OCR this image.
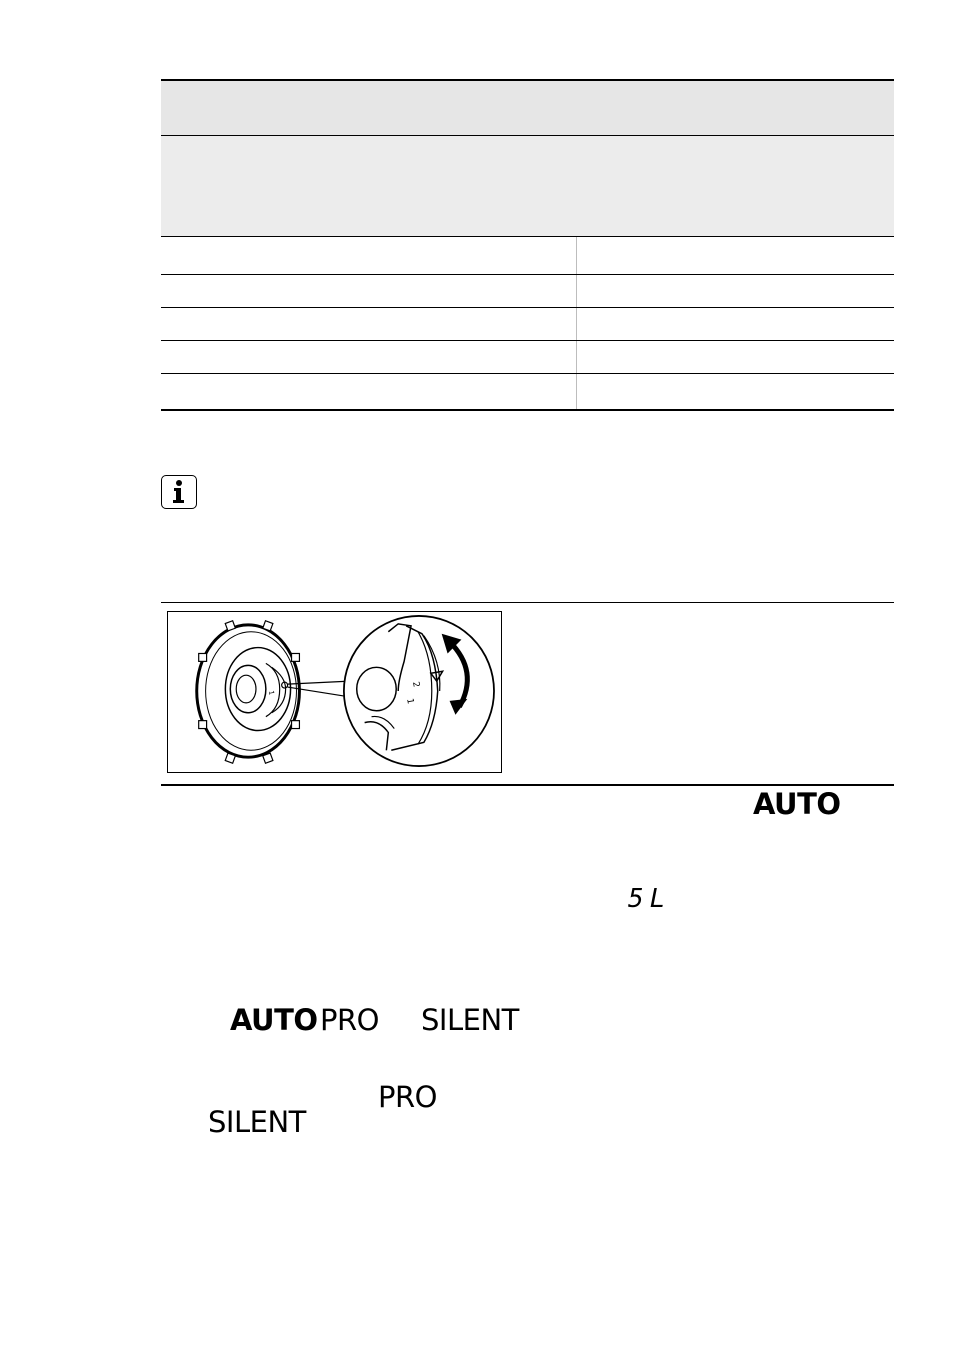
1
2
1
AUTO
5L
AUTO PRO SILENT
PRO
SILENT
